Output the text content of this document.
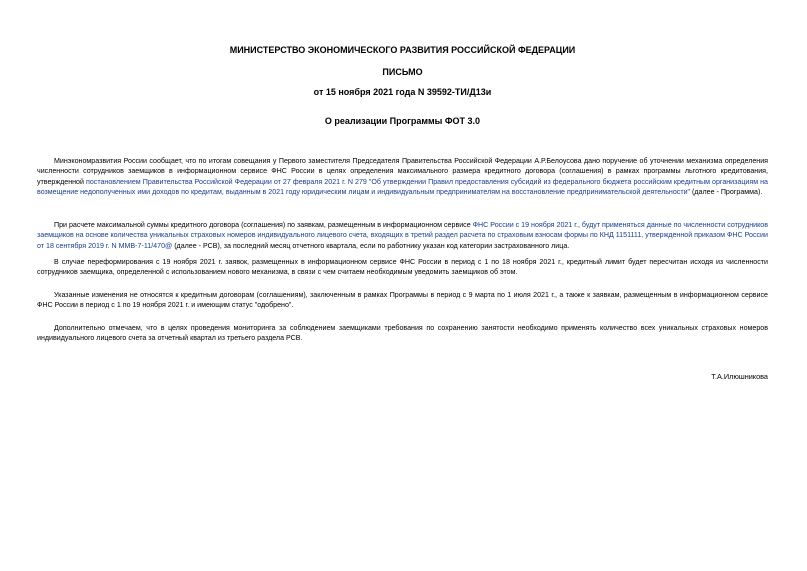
МИНИСТЕРСТВО ЭКОНОМИЧЕСКОГО РАЗВИТИЯ РОССИЙСКОЙ ФЕДЕРАЦИИ
ПИСЬМО
от 15 ноября 2021 года N 39592-ТИ/Д13и
О реализации Программы ФОТ 3.0

Минэкономразвития России сообщает, что по итогам совещания у Первого заместителя Председателя Правительства Российской Федерации А.Р.Белоусова дано поручение об уточнении механизма определения численности сотрудников заемщиков в информационном сервисе ФНС России в целях определения максимального размера кредитного договора (соглашения) в рамках программы льготного кредитования, утвержденной постановлением Правительства Российской Федерации от 27 февраля 2021 г. N 279 "Об утверждении Правил предоставления субсидий из федерального бюджета российским кредитным организациям на возмещение недополученных ими доходов по кредитам, выданным в 2021 году юридическим лицам и индивидуальным предпринимателям на восстановление предпринимательской деятельности" (далее - Программа).

При расчете максимальной суммы кредитного договора (соглашения) по заявкам, размещенным в информационном сервисе ФНС России с 19 ноября 2021 г., будут применяться данные по численности сотрудников заемщиков на основе количества уникальных страховых номеров индивидуального лицевого счета, входящих в третий раздел расчета по страховым взносам формы по КНД 1151111, утвержденной приказом ФНС России от 18 сентября 2019 г. N ММВ-7-11/470@ (далее - РСВ), за последний месяц отчетного квартала, если по работнику указан код категории застрахованного лица.

В случае переформирования с 19 ноября 2021 г. заявок, размещенных в информационном сервисе ФНС России в период с 1 по 18 ноября 2021 г., кредитный лимит будет пересчитан исходя из численности сотрудников заемщика, определенной с использованием нового механизма, в связи с чем считаем необходимым уведомить заемщиков об этом.

Указанные изменения не относятся к кредитным договорам (соглашениям), заключенным в рамках Программы в период с 9 марта по 1 июля 2021 г., а также к заявкам, размещенным в информационном сервисе ФНС России в период с 1 по 19 ноября 2021 г. и имеющим статус "одобрено".

Дополнительно отмечаем, что в целях проведения мониторинга за соблюдением заемщиками требования по сохранению занятости необходимо применять количество всех уникальных страховых номеров индивидуального лицевого счета за отчетный квартал из третьего раздела РСВ.

Т.А.Илюшникова
